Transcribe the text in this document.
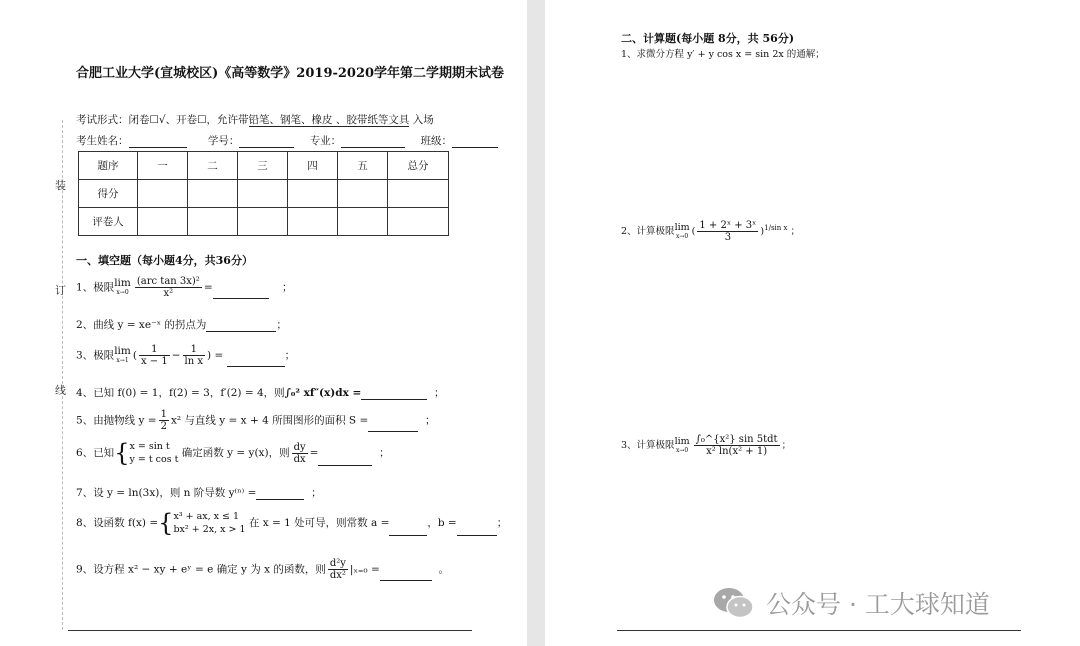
装
订
线
合肥工业大学(宣城校区)《高等数学》2019-2020学年第二学期期末试卷
考试形式：闭卷☐√、开卷☐，允许带铅笔、钢笔、橡皮 、胶带纸等文具 入场
考生姓名：	学号：	专业：	班级：
题序	一	二	三	四	五	总分
得分						
评卷人						
一、填空题（每小题4分，共36分）
1、极限 lim
$x\to 0 \frac{\text{(arc tan 3x)²}}{\text{x²}}$ =	；
2、曲线 y = xe⁻ˣ 的拐点为	；
3、极限 lim
x→1 ( $\frac{1}{x - 1} - \frac{1}{\text{ln x}}$ ) =	；
4、已知 f(0) = 1，f(2) = 3，f′(2) = 4，则∫₀² xf″(x)dx =	；
5、由抛物线 $y = \frac{1}{2} x^2$ 与直线 y = x + 4 所围图形的面积 S =	；
6、已知{ x = sin t
y = t cos t
确定函数 y = y(x)，则 $\frac{dy}{dx}$ =	；
7、设 y = ln(3x)，则 n 阶导数 y⁽ⁿ⁾ =	；
8、设函数 f(x) ={ x³ + ax, x ≤ 1
bx² + 2x, x > 1
在 x = 1 处可导，则常数 a =	，b =	；
9、设方程 x² − xy + eʸ = e 确定 y 为 x 的函数，则 $\frac{\text{d²y}}{\text{dx²}} |_{x=0}$ =	。
二、计算题(每小题 8分，共 56分)
1、求微分方程 y′ + y cos x = sin 2x 的通解；
2、计算极限 lim
x→0 ( $\frac{\text{1 + 2ˣ + 3ˣ}}{3} )^{1/sin x}$ ；
3、计算极限 lim
$x\to 0 \frac{\text{∫₀\textasciicircum{}\{x²\} sin 5tdt}}{\text{x² ln(x² + 1)}}$ ；
公众号 · 工大球知道
